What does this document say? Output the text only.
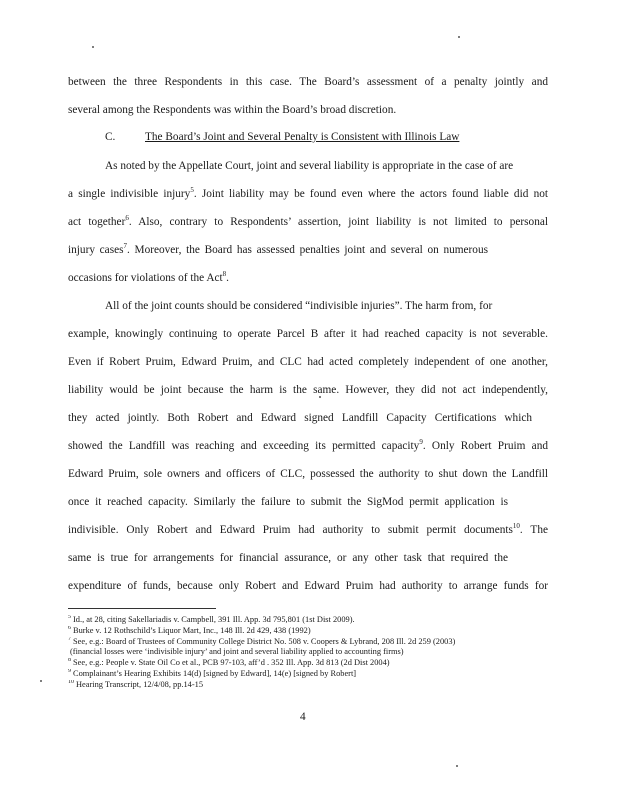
between the three Respondents in this case. The Board’s assessment of a penalty jointly and
several among the Respondents was within the Board’s broad discretion.
C.	The Board’s Joint and Several Penalty is Consistent with Illinois Law
As noted by the Appellate Court, joint and several liability is appropriate in the case of are
a single indivisible injury$^5$. Joint liability may be found even where the actors found liable did not
act together$^6$. Also, contrary to Respondents’ assertion, joint liability is not limited to personal
injury cases$^7$. Moreover, the Board has assessed penalties joint and several on numerous
occasions for violations of the Act$^8$.
All of the joint counts should be considered “indivisible injuries”. The harm from, for
example, knowingly continuing to operate Parcel B after it had reached capacity is not severable.
Even if Robert Pruim, Edward Pruim, and CLC had acted completely independent of one another,
liability would be joint because the harm is the same. However, they did not act independently,
they acted jointly. Both Robert and Edward signed Landfill Capacity Certifications which
showed the Landfill was reaching and exceeding its permitted capacity$^9$. Only Robert Pruim and
Edward Pruim, sole owners and officers of CLC, possessed the authority to shut down the Landfill
once it reached capacity. Similarly the failure to submit the SigMod permit application is
indivisible. Only Robert and Edward Pruim had authority to submit permit documents$^{10}$. The
same is true for arrangements for financial assurance, or any other task that required the
expenditure of funds, because only Robert and Edward Pruim had authority to arrange funds for
$^5$ Id., at 28, citing Sakellariadis v. Campbell, 391 Ill. App. 3d 795,801 (1st Dist 2009).
$^6$ Burke v. 12 Rothschild’s Liquor Mart, Inc., 148 Ill. 2d 429, 438 (1992)
$^7$ See, e.g.: Board of Trustees of Community College District No. 508 v. Coopers & Lybrand, 208 Ill. 2d 259 (2003)
(financial losses were ‘indivisible injury’ and joint and several liability applied to accounting firms)
$^8$ See, e.g.: People v. State Oil Co et al., PCB 97-103, aff’d . 352 Ill. App. 3d 813 (2d Dist 2004)
$^9$ Complainant’s Hearing Exhibits 14(d) [signed by Edward], 14(e) [signed by Robert]
$^{10}$ Hearing Transcript, 12/4/08, pp.14-15
4
